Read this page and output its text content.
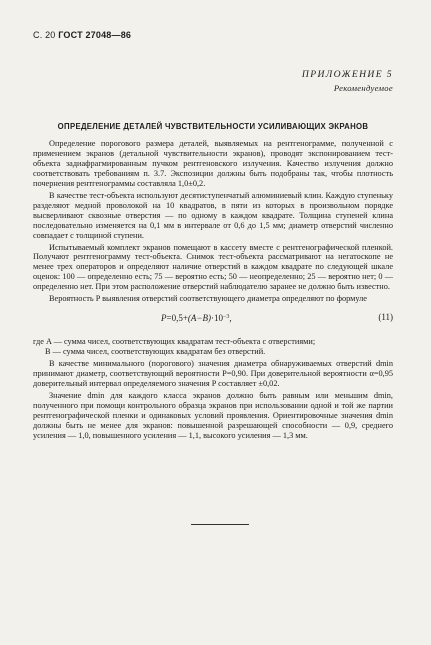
С. 20 ГОСТ 27048—86
ПРИЛОЖЕНИЕ 5
Рекомендуемое
ОПРЕДЕЛЕНИЕ ДЕТАЛЕЙ ЧУВСТВИТЕЛЬНОСТИ УСИЛИВАЮЩИХ ЭКРАНОВ

Определение порогового размера деталей, выявляемых на рентгенограмме, полученной с применением экранов (детальной чувствительности экранов), проводят экспонированием тест-объекта задиафрагмированным пучком рентгеновского излучения. Качество излучения должно соответствовать требованиям п. 3.7. Экспозиции должны быть подобраны так, чтобы плотность почернения рентгенограммы составляла 1,0±0,2.

В качестве тест-объекта используют десятиступенчатый алюминиевый клин. Каждую ступеньку разделяют медной проволокой на 10 квадратов, в пяти из которых в произвольном порядке высверливают сквозные отверстия — по одному в каждом квадрате. Толщина ступеней клина последовательно изменяется на 0,1 мм в интервале от 0,6 до 1,5 мм; диаметр отверстий численно совпадает с толщиной ступени.

Испытываемый комплект экранов помещают в кассету вместе с рентгенографической пленкой. Получают рентгенограмму тест-объекта. Снимок тест-объекта рассматривают на негатоскопе не менее трех операторов и определяют наличие отверстий в каждом квадрате по следующей шкале оценок: 100 — определенно есть; 75 — вероятно есть; 50 — неопределенно; 25 — вероятно нет; 0 — определенно нет. При этом расположение отверстий наблюдателю заранее не должно быть известно.

Вероятность P выявления отверстий соответствующего диаметра определяют по формуле

$P=0,5+(A-B)\cdot 10^{-3}$,	(11)

где A — сумма чисел, соответствующих квадратам тест-объекта с отверстиями;

B — сумма чисел, соответствующих квадратам без отверстий.

В качестве минимального (порогового) значения диаметра обнаруживаемых отверстий dmin принимают диаметр, соответствующий вероятности P=0,90. При доверительной вероятности α=0,95 доверительный интервал определяемого значения P составляет ±0,02.

Значение dmin для каждого класса экранов должно быть равным или меньшим dmin, полученного при помощи контрольного образца экранов при использовании одной и той же партии рентгенографической пленки и одинаковых условий проявления. Ориентировочные значения dmin должны быть не менее для экранов: повышенной разрешающей способности — 0,9, среднего усиления — 1,0, повышенного усиления — 1,1, высокого усиления — 1,3 мм.
